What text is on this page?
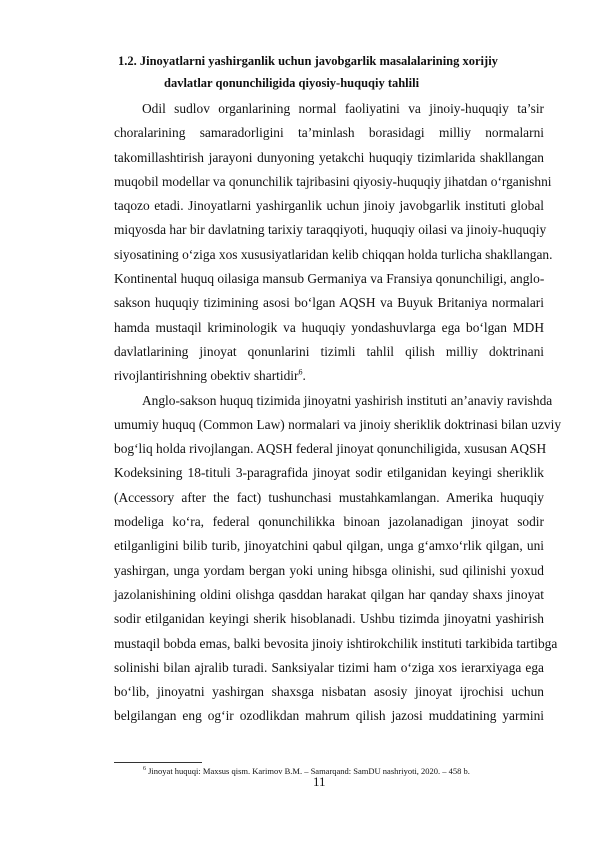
1.2. Jinoyatlarni yashirganlik uchun javobgarlik masalalarining xorijiy
davlatlar qonunchiligida qiyosiy-huquqiy tahlili
Odil sudlov organlarining normal faoliyatini va jinoiy-huquqiy ta’sir
choralarining samaradorligini ta’minlash borasidagi milliy normalarni
takomillashtirish jarayoni dunyoning yetakchi huquqiy tizimlarida shakllangan
muqobil modellar va qonunchilik tajribasini qiyosiy-huquqiy jihatdan o‘rganishni
taqozo etadi. Jinoyatlarni yashirganlik uchun jinoiy javobgarlik instituti global
miqyosda har bir davlatning tarixiy taraqqiyoti, huquqiy oilasi va jinoiy-huquqiy
siyosatining o‘ziga xos xususiyatlaridan kelib chiqqan holda turlicha shakllangan.
Kontinental huquq oilasiga mansub Germaniya va Fransiya qonunchiligi, anglo-
sakson huquqiy tizimining asosi bo‘lgan AQSH va Buyuk Britaniya normalari
hamda mustaqil kriminologik va huquqiy yondashuvlarga ega bo‘lgan MDH
davlatlarining jinoyat qonunlarini tizimli tahlil qilish milliy doktrinani
rivojlantirishning obektiv shartidir$^6$.
Anglo-sakson huquq tizimida jinoyatni yashirish instituti an’anaviy ravishda
umumiy huquq (Common Law) normalari va jinoiy sheriklik doktrinasi bilan uzviy
bog‘liq holda rivojlangan. AQSH federal jinoyat qonunchiligida, xususan AQSH
Kodeksining 18-tituli 3-paragrafida jinoyat sodir etilganidan keyingi sheriklik
(Accessory after the fact) tushunchasi mustahkamlangan. Amerika huquqiy
modeliga ko‘ra, federal qonunchilikka binoan jazolanadigan jinoyat sodir
etilganligini bilib turib, jinoyatchini qabul qilgan, unga g‘amxo‘rlik qilgan, uni
yashirgan, unga yordam bergan yoki uning hibsga olinishi, sud qilinishi yoxud
jazolanishining oldini olishga qasddan harakat qilgan har qanday shaxs jinoyat
sodir etilganidan keyingi sherik hisoblanadi. Ushbu tizimda jinoyatni yashirish
mustaqil bobda emas, balki bevosita jinoiy ishtirokchilik instituti tarkibida tartibga
solinishi bilan ajralib turadi. Sanksiyalar tizimi ham o‘ziga xos ierarxiyaga ega
bo‘lib, jinoyatni yashirgan shaxsga nisbatan asosiy jinoyat ijrochisi uchun
belgilangan eng og‘ir ozodlikdan mahrum qilish jazosi muddatining yarmini
$^6$ Jinoyat huquqi: Maxsus qism. Karimov B.M. – Samarqand: SamDU nashriyoti, 2020. – 458 b.
11
